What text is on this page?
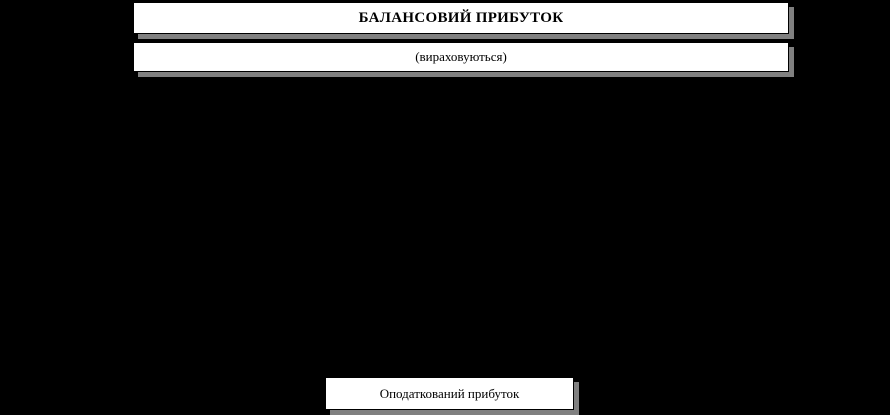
БАЛАНСОВИЙ ПРИБУТОК
(вираховуються)
Оподаткований прибуток
